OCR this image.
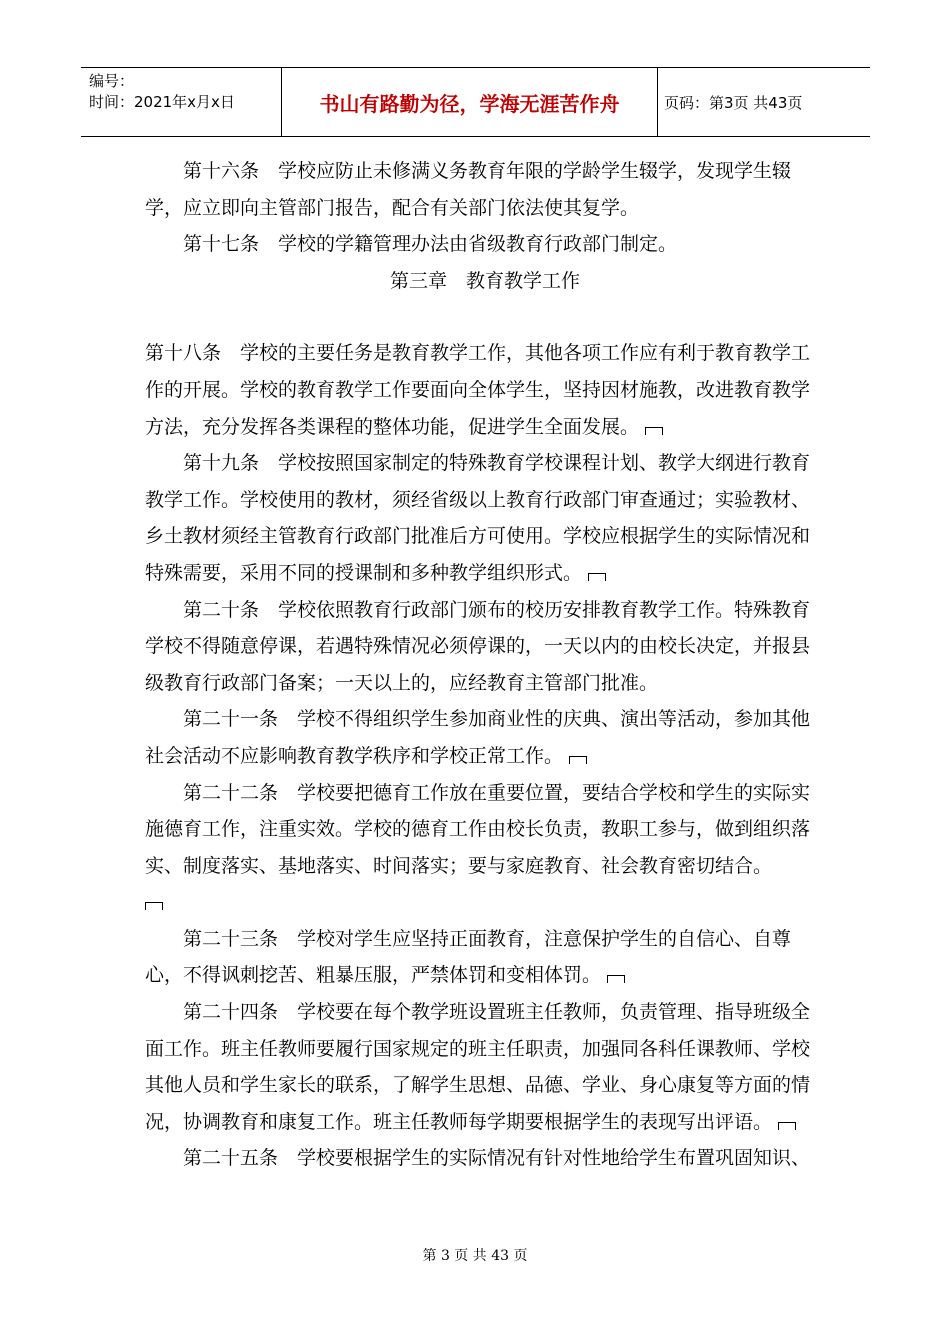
编号：
时间：2021年x月x日	书山有路勤为径，学海无涯苦作舟	页码：第3页 共43页

第十六条　学校应防止未修满义务教育年限的学龄学生辍学，发现学生辍学，应立即向主管部门报告，配合有关部门依法使其复学。

第十七条　学校的学籍管理办法由省级教育行政部门制定。

第三章　教育教学工作

第十八条　学校的主要任务是教育教学工作，其他各项工作应有利于教育教学工作的开展。学校的教育教学工作要面向全体学生，坚持因材施教，改进教育教学方法，充分发挥各类课程的整体功能，促进学生全面发展。

第十九条　学校按照国家制定的特殊教育学校课程计划、教学大纲进行教育教学工作。学校使用的教材，须经省级以上教育行政部门审查通过；实验教材、乡土教材须经主管教育行政部门批准后方可使用。学校应根据学生的实际情况和特殊需要，采用不同的授课制和多种教学组织形式。

第二十条　学校依照教育行政部门颁布的校历安排教育教学工作。特殊教育学校不得随意停课，若遇特殊情况必须停课的，一天以内的由校长决定，并报县级教育行政部门备案；一天以上的，应经教育主管部门批准。

第二十一条　学校不得组织学生参加商业性的庆典、演出等活动，参加其他社会活动不应影响教育教学秩序和学校正常工作。

第二十二条　学校要把德育工作放在重要位置，要结合学校和学生的实际实施德育工作，注重实效。学校的德育工作由校长负责，教职工参与，做到组织落实、制度落实、基地落实、时间落实；要与家庭教育、社会教育密切结合。

第二十三条　学校对学生应坚持正面教育，注意保护学生的自信心、自尊心，不得讽刺挖苦、粗暴压服，严禁体罚和变相体罚。

第二十四条　学校要在每个教学班设置班主任教师，负责管理、指导班级全面工作。班主任教师要履行国家规定的班主任职责，加强同各科任课教师、学校其他人员和学生家长的联系，了解学生思想、品德、学业、身心康复等方面的情况，协调教育和康复工作。班主任教师每学期要根据学生的表现写出评语。

第二十五条　学校要根据学生的实际情况有针对性地给学生布置巩固知识、

第 3 页 共 43 页
